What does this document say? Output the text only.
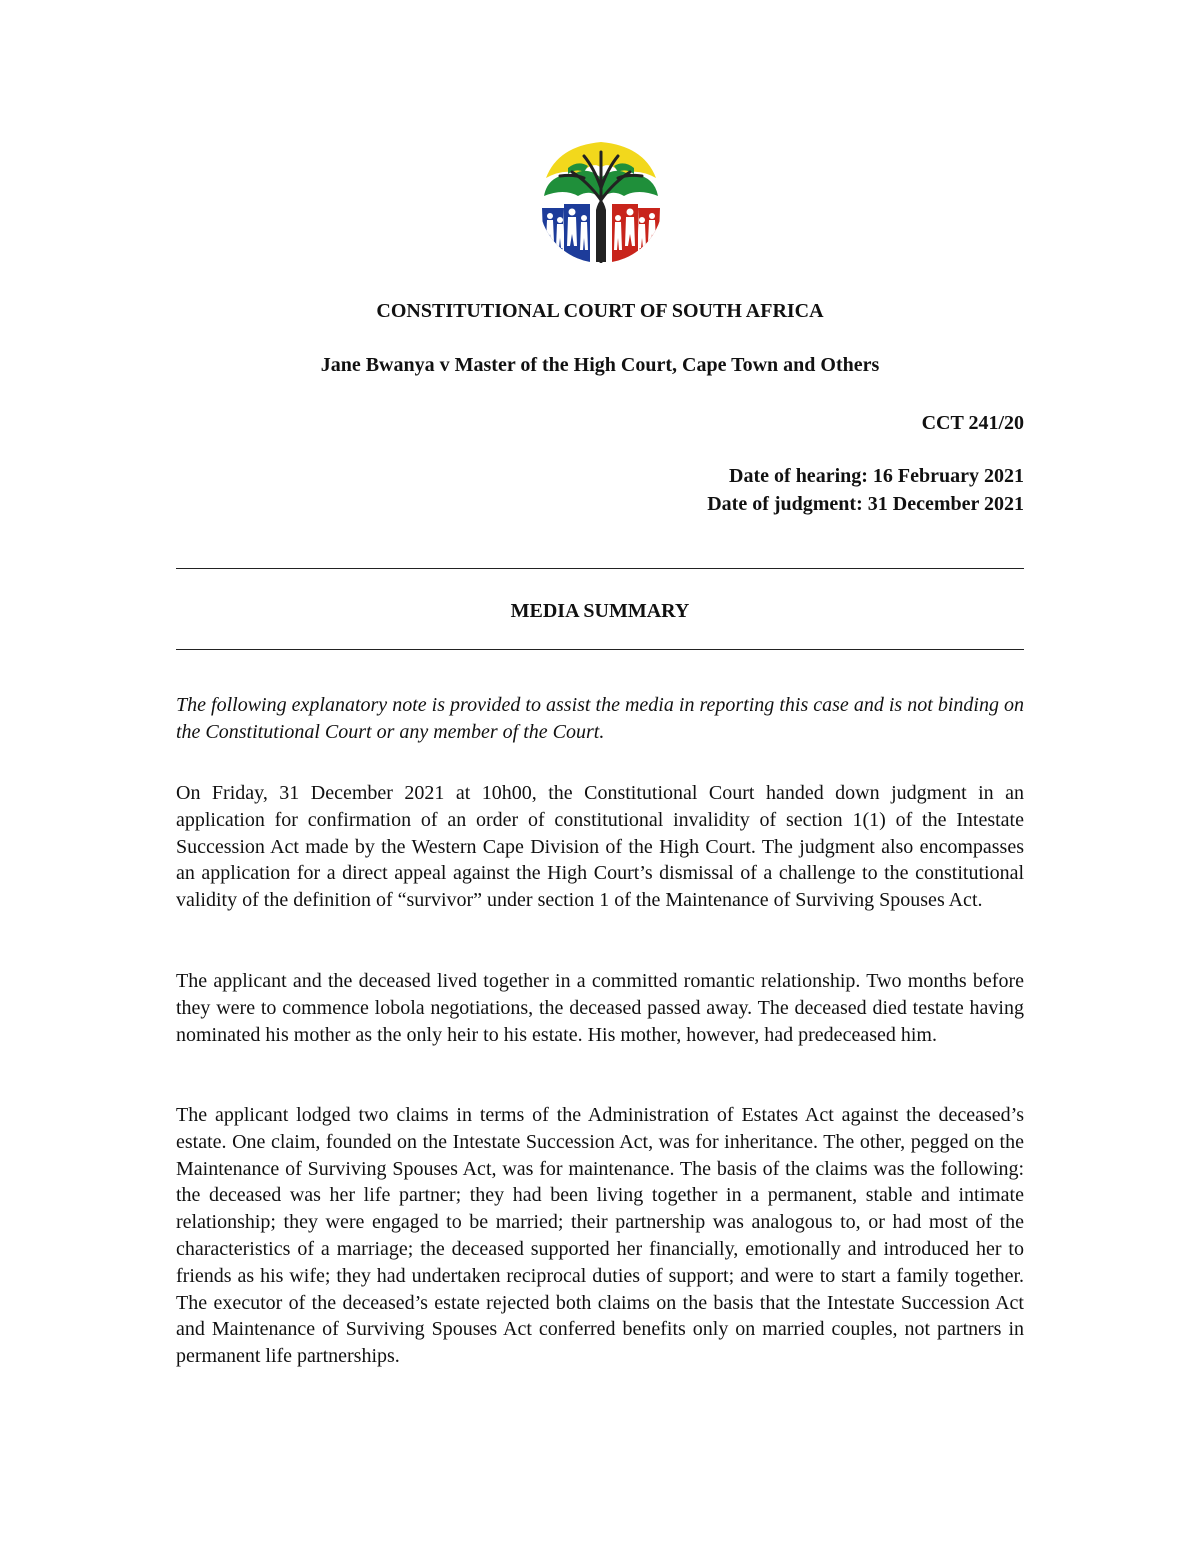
CONSTITUTIONAL COURT OF SOUTH AFRICA
Jane Bwanya v Master of the High Court, Cape Town and Others
CCT 241/20
Date of hearing: 16 February 2021
Date of judgment: 31 December 2021
MEDIA SUMMARY

The following explanatory note is provided to assist the media in reporting this case and is not binding on the Constitutional Court or any member of the Court.

On Friday, 31 December 2021 at 10h00, the Constitutional Court handed down judgment in an application for confirmation of an order of constitutional invalidity of section 1(1) of the Intestate Succession Act made by the Western Cape Division of the High Court. The judgment also encompasses an application for a direct appeal against the High Court’s dismissal of a challenge to the constitutional validity of the definition of “survivor” under section 1 of the Maintenance of Surviving Spouses Act.

The applicant and the deceased lived together in a committed romantic relationship. Two months before they were to commence lobola negotiations, the deceased passed away. The deceased died testate having nominated his mother as the only heir to his estate. His mother, however, had predeceased him.

The applicant lodged two claims in terms of the Administration of Estates Act against the deceased’s estate. One claim, founded on the Intestate Succession Act, was for inheritance. The other, pegged on the Maintenance of Surviving Spouses Act, was for maintenance. The basis of the claims was the following: the deceased was her life partner; they had been living together in a permanent, stable and intimate relationship; they were engaged to be married; their partnership was analogous to, or had most of the characteristics of a marriage; the deceased supported her financially, emotionally and introduced her to friends as his wife; they had undertaken reciprocal duties of support; and were to start a family together. The executor of the deceased’s estate rejected both claims on the basis that the Intestate Succession Act and Maintenance of Surviving Spouses Act conferred benefits only on married couples, not partners in permanent life partnerships.
